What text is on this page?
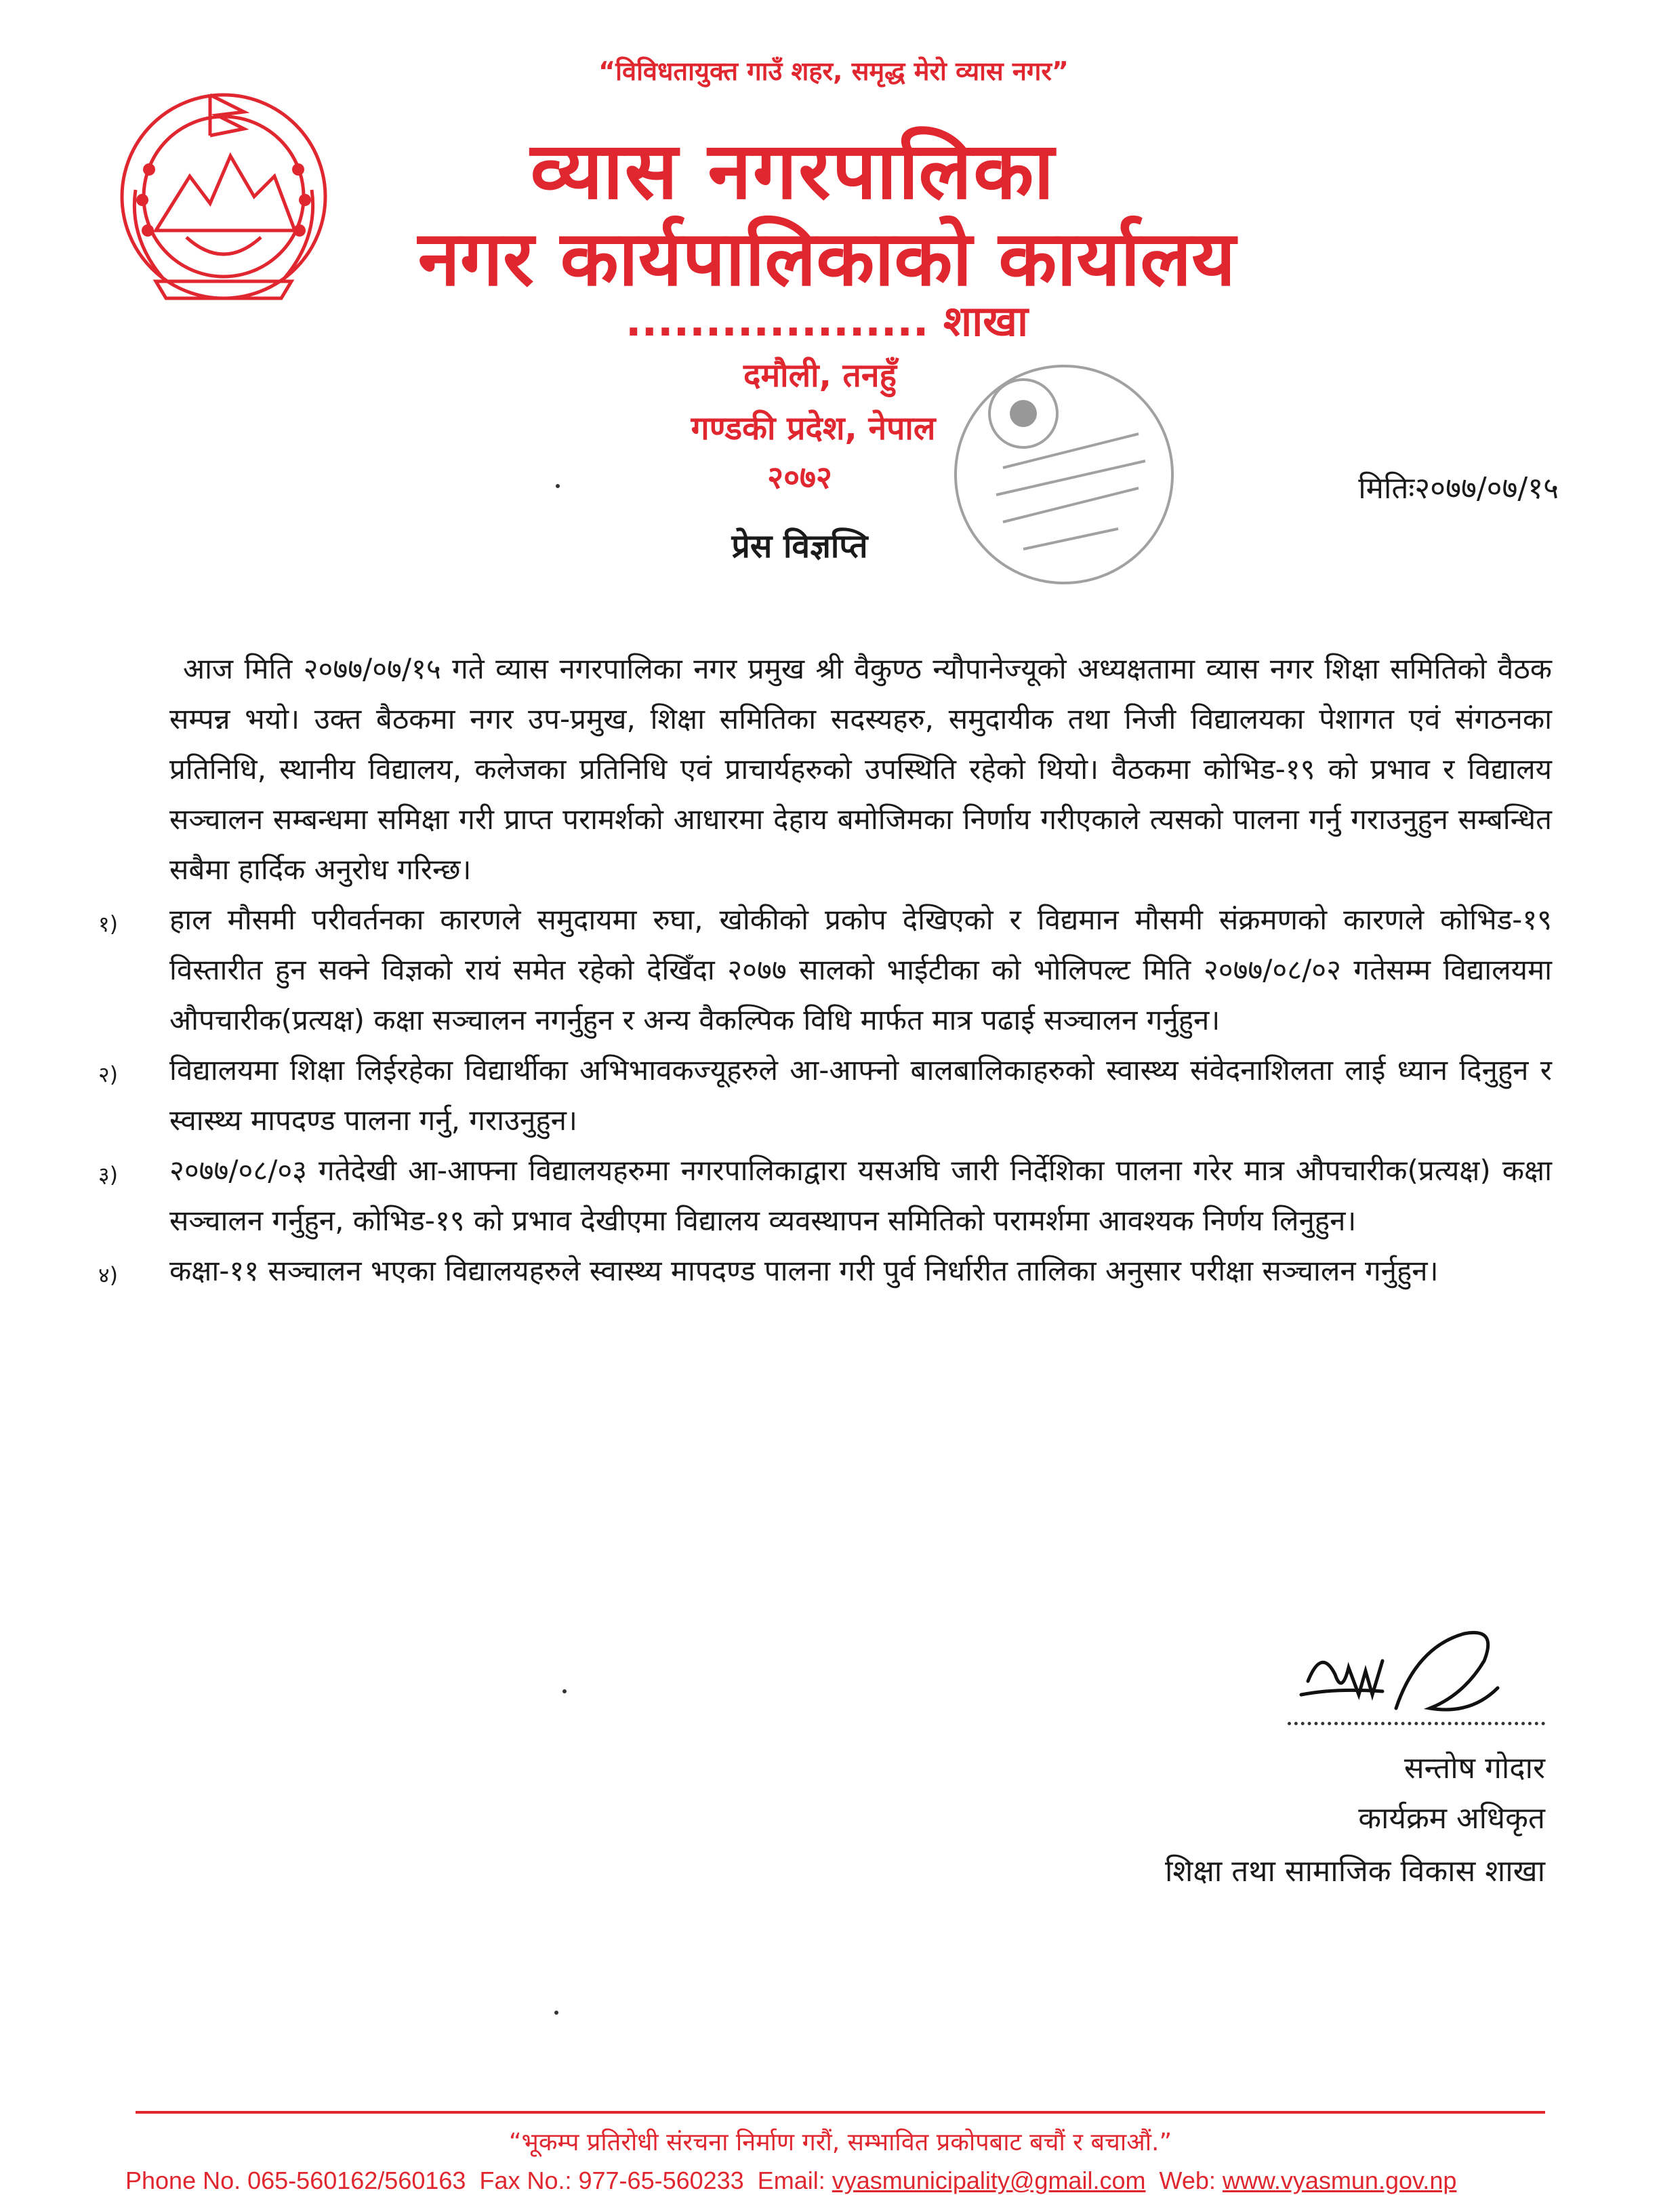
“विविधतायुक्त गाउँ शहर, समृद्ध मेरो व्यास नगर”
व्यास नगरपालिका
नगर कार्यपालिकाको कार्यालय
................... शाखा
दमौली, तनहुँ
गण्डकी प्रदेश, नेपाल
२०७२	मितिः२०७७/०७/१५
प्रेस विज्ञप्ति

आज मिति २०७७/०७/१५ गते व्यास नगरपालिका नगर प्रमुख श्री वैकुण्ठ न्यौपानेज्यूको अध्यक्षतामा व्यास नगर शिक्षा समितिको वैठक सम्पन्न भयो। उक्त बैठकमा नगर उप-प्रमुख, शिक्षा समितिका सदस्यहरु, समुदायीक तथा निजी विद्यालयका पेशागत एवं संगठनका प्रतिनिधि, स्थानीय विद्यालय, कलेजका प्रतिनिधि एवं प्राचार्यहरुको उपस्थिति रहेको थियो। वैठकमा कोभिड-१९ को प्रभाव र विद्यालय सञ्चालन सम्बन्धमा समिक्षा गरी प्राप्त परामर्शको आधारमा देहाय बमोजिमका निर्णाय गरीएकाले त्यसको पालना गर्नु गराउनुहुन सम्बन्धित सबैमा हार्दिक अनुरोध गरिन्छ।

१) हाल मौसमी परीवर्तनका कारणले समुदायमा रुघा, खोकीको प्रकोप देखिएको र विद्यमान मौसमी संक्रमणको कारणले कोभिड-१९ विस्तारीत हुन सक्ने विज्ञको रायं समेत रहेको देखिँदा २०७७ सालको भाईटीका को भोलिपल्ट मिति २०७७/०८/०२ गतेसम्म विद्यालयमा औपचारीक(प्रत्यक्ष) कक्षा सञ्चालन नगर्नुहुन र अन्य वैकल्पिक विधि मार्फत मात्र पढाई सञ्चालन गर्नुहुन।
२) विद्यालयमा शिक्षा लिईरहेका विद्यार्थीका अभिभावकज्यूहरुले आ-आफ्नो बालबालिकाहरुको स्वास्थ्य संवेदनाशिलता लाई ध्यान दिनुहुन र स्वास्थ्य मापदण्ड पालना गर्नु, गराउनुहुन।
३) २०७७/०८/०३ गतेदेखी आ-आफ्ना विद्यालयहरुमा नगरपालिकाद्वारा यसअघि जारी निर्देशिका पालना गरेर मात्र औपचारीक(प्रत्यक्ष) कक्षा सञ्चालन गर्नुहुन, कोभिड-१९ को प्रभाव देखीएमा विद्यालय व्यवस्थापन समितिको परामर्शमा आवश्यक निर्णय लिनुहुन।
४) कक्षा-११ सञ्चालन भएका विद्यालयहरुले स्वास्थ्य मापदण्ड पालना गरी पुर्व निर्धारीत तालिका अनुसार परीक्षा सञ्चालन गर्नुहुन।
सन्तोष गोदार
कार्यक्रम अधिकृत
शिक्षा तथा सामाजिक विकास शाखा
“भूकम्प प्रतिरोधी संरचना निर्माण गरौं, सम्भावित प्रकोपबाट बचौं र बचाऔं.”
Phone No. 065-560162/560163 Fax No.: 977-65-560233 Email: vyasmunicipality@gmail.com Web: www.vyasmun.gov.np
